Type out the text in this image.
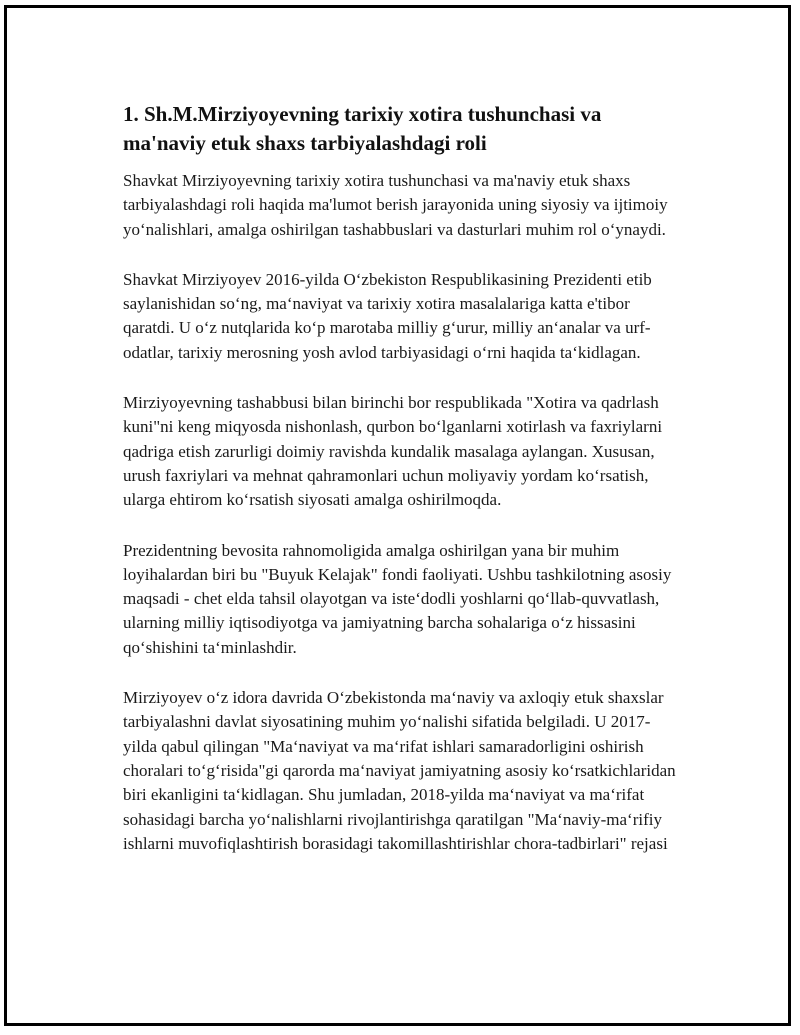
1. Sh.M.Mirziyoyevning tarixiy xotira tushunchasi va ma'naviy etuk shaxs tarbiyalashdagi roli

Shavkat Mirziyoyevning tarixiy xotira tushunchasi va ma'naviy etuk shaxs tarbiyalashdagi roli haqida ma'lumot berish jarayonida uning siyosiy va ijtimoiy yo‘nalishlari, amalga oshirilgan tashabbuslari va dasturlari muhim rol o‘ynaydi.

Shavkat Mirziyoyev 2016-yilda O‘zbekiston Respublikasining Prezidenti etib saylanishidan so‘ng, ma‘naviyat va tarixiy xotira masalalariga katta e'tibor qaratdi. U o‘z nutqlarida ko‘p marotaba milliy g‘urur, milliy an‘analar va urf-odatlar, tarixiy merosning yosh avlod tarbiyasidagi o‘rni haqida ta‘kidlagan.

Mirziyoyevning tashabbusi bilan birinchi bor respublikada "Xotira va qadrlash kuni"ni keng miqyosda nishonlash, qurbon bo‘lganlarni xotirlash va faxriylarni qadriga etish zarurligi doimiy ravishda kundalik masalaga aylangan. Xususan, urush faxriylari va mehnat qahramonlari uchun moliyaviy yordam ko‘rsatish, ularga ehtirom ko‘rsatish siyosati amalga oshirilmoqda.

Prezidentning bevosita rahnomoligida amalga oshirilgan yana bir muhim loyihalardan biri bu "Buyuk Kelajak" fondi faoliyati. Ushbu tashkilotning asosiy maqsadi - chet elda tahsil olayotgan va iste‘dodli yoshlarni qo‘llab-quvvatlash, ularning milliy iqtisodiyotga va jamiyatning barcha sohalariga o‘z hissasini qo‘shishini ta‘minlashdir.

Mirziyoyev o‘z idora davrida O‘zbekistonda ma‘naviy va axloqiy etuk shaxslar tarbiyalashni davlat siyosatining muhim yo‘nalishi sifatida belgiladi. U 2017-yilda qabul qilingan "Ma‘naviyat va ma‘rifat ishlari samaradorligini oshirish choralari to‘g‘risida"gi qarorda ma‘naviyat jamiyatning asosiy ko‘rsatkichlaridan biri ekanligini ta‘kidlagan. Shu jumladan, 2018-yilda ma‘naviyat va ma‘rifat sohasidagi barcha yo‘nalishlarni rivojlantirishga qaratilgan "Ma‘naviy-ma‘rifiy ishlarni muvofiqlashtirish borasidagi takomillashtirishlar chora-tadbirlari" rejasi
